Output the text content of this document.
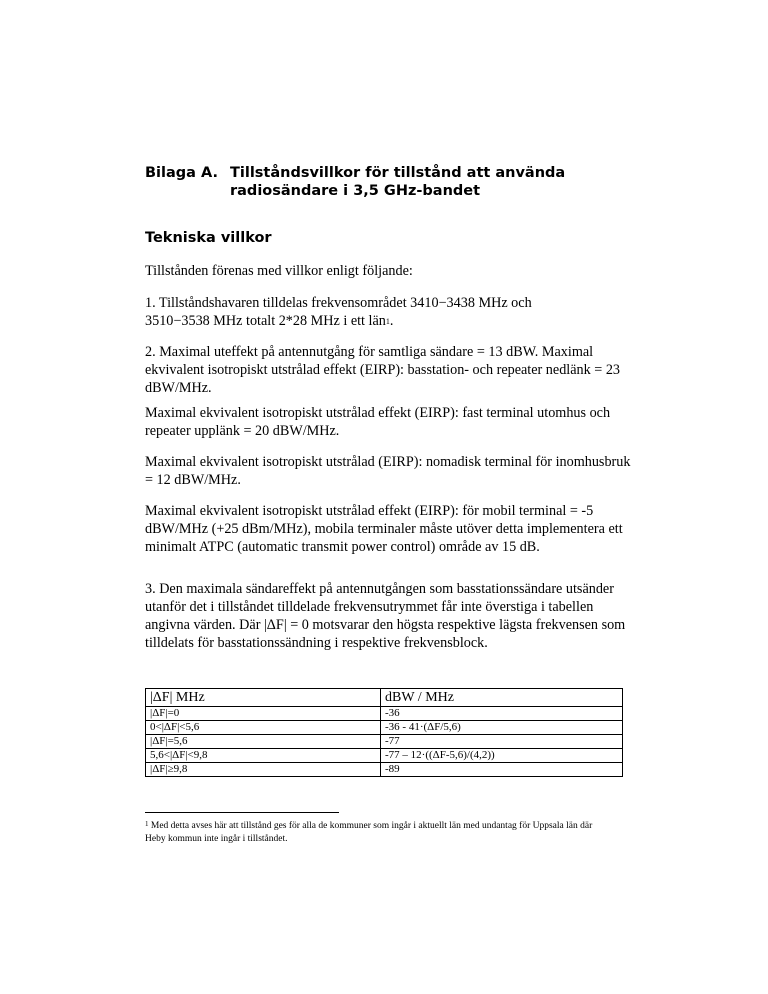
Bilaga A. Tillståndsvillkor för tillstånd att använda
radiosändare i 3,5 GHz-bandet
Tekniska villkor

Tillstånden förenas med villkor enligt följande:

1. Tillståndshavaren tilldelas frekvensområdet 3410−3438 MHz och
3510−3538 MHz totalt 2*28 MHz i ett län1.

2. Maximal uteffekt på antennutgång för samtliga sändare = 13 dBW. Maximal ekvivalent isotropiskt utstrålad effekt (EIRP): basstation- och repeater nedlänk = 23 dBW/MHz.

Maximal ekvivalent isotropiskt utstrålad effekt (EIRP): fast terminal utomhus och repeater upplänk = 20 dBW/MHz.

Maximal ekvivalent isotropiskt utstrålad (EIRP): nomadisk terminal för inomhusbruk = 12 dBW/MHz.

Maximal ekvivalent isotropiskt utstrålad effekt (EIRP): för mobil terminal = -5 dBW/MHz (+25 dBm/MHz), mobila terminaler måste utöver detta implementera ett minimalt ATPC (automatic transmit power control) område av 15 dB.

3. Den maximala sändareffekt på antennutgången som basstationssändare utsänder utanför det i tillståndet tilldelade frekvensutrymmet får inte överstiga i tabellen angivna värden. Där |ΔF| = 0 motsvarar den högsta respektive lägsta frekvensen som tilldelats för basstationssändning i respektive frekvensblock.

|ΔF| MHz	dBW / MHz
|ΔF|=0	-36
0<|ΔF|<5,6	-36 - 41·(ΔF/5,6)
|ΔF|=5,6	-77
5,6<|ΔF|<9,8	-77 – 12·((ΔF-5,6)/(4,2))
|ΔF|≥9,8	-89
$^1$ Med detta avses här att tillstånd ges för alla de kommuner som ingår i aktuellt län med undantag för Uppsala län där Heby kommun inte ingår i tillståndet.
